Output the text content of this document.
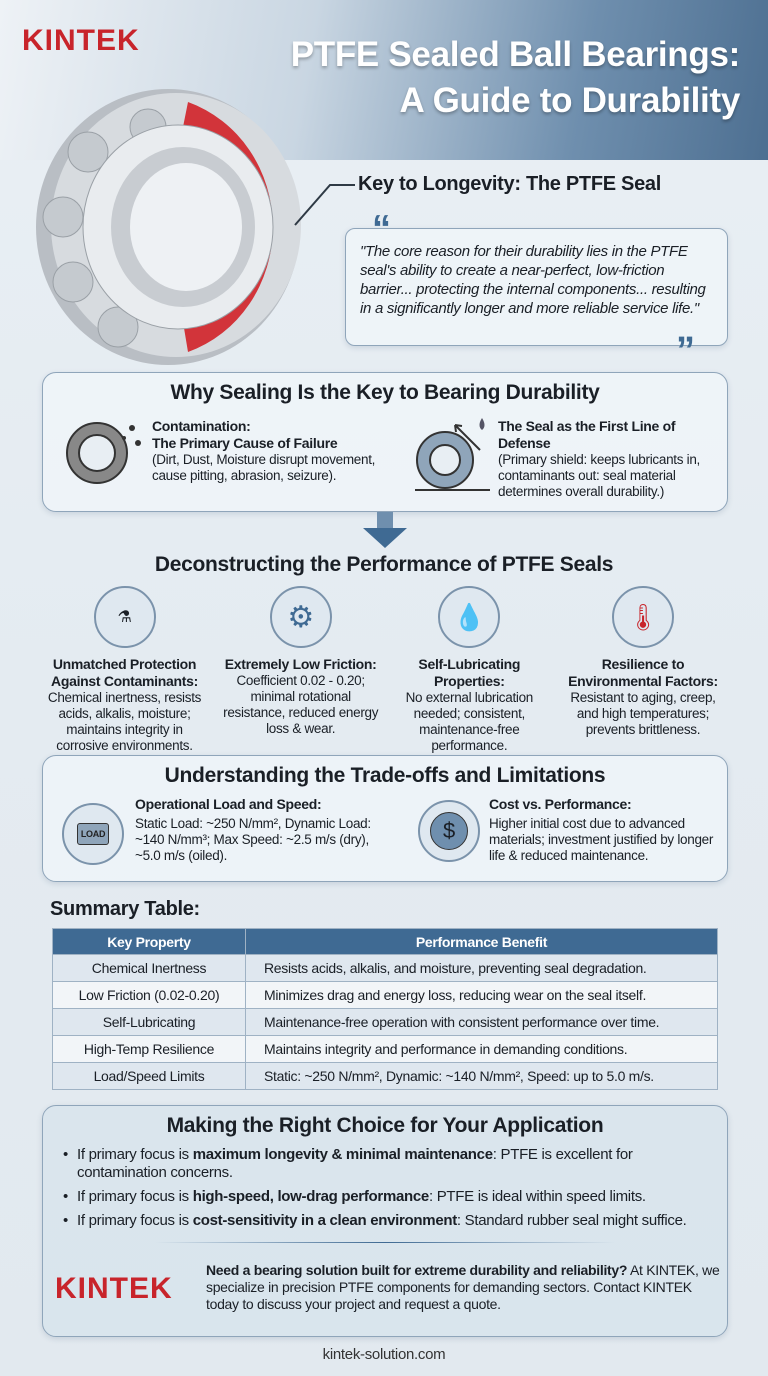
KINTEK	PTFE Sealed Ball Bearings:
A Guide to Durability
Key to Longevity: The PTFE Seal
“
”
"The core reason for their durability lies in the PTFE seal's ability to create a near-perfect, low-friction barrier... protecting the internal components... resulting in a significantly longer and more reliable service life."
Why Sealing Is the Key to Bearing Durability
Contamination:
The Primary Cause of Failure
(Dirt, Dust, Moisture disrupt movement, cause pitting, abrasion, seizure).
The Seal as the First Line of Defense
(Primary shield: keeps lubricants in, contaminants out: seal material determines overall durability.)
Deconstructing the Performance of PTFE Seals
⚗
Unmatched Protection Against Contaminants:
Chemical inertness, resists acids, alkalis, moisture; maintains integrity in corrosive environments.
⚙
Extremely Low Friction:
Coefficient 0.02 - 0.20; minimal rotational resistance, reduced energy loss & wear.
💧
Self-Lubricating Properties:
No external lubrication needed; consistent, maintenance-free performance.
🌡
Resilience to Environmental Factors:
Resistant to aging, creep, and high temperatures; prevents brittleness.
Understanding the Trade-offs and Limitations
LOAD
Operational Load and Speed:
Static Load: ~250 N/mm², Dynamic Load: ~140 N/mm³; Max Speed: ~2.5 m/s (dry), ~5.0 m/s (oiled).
$
Cost vs. Performance:
Higher initial cost due to advanced materials; investment justified by longer life & reduced maintenance.
Summary Table:
Key Property	Performance Benefit
Chemical Inertness	Resists acids, alkalis, and moisture, preventing seal degradation.
Low Friction (0.02-0.20)	Minimizes drag and energy loss, reducing wear on the seal itself.
Self-Lubricating	Maintenance-free operation with consistent performance over time.
High-Temp Resilience	Maintains integrity and performance in demanding conditions.
Load/Speed Limits	Static: ~250 N/mm², Dynamic: ~140 N/mm², Speed: up to 5.0 m/s.
Making the Right Choice for Your Application
• If primary focus is maximum longevity & minimal maintenance: PTFE is excellent for contamination concerns.
• If primary focus is high-speed, low-drag performance: PTFE is ideal within speed limits.
• If primary focus is cost-sensitivity in a clean environment: Standard rubber seal might suffice.
KINTEK
Need a bearing solution built for extreme durability and reliability? At KINTEK, we specialize in precision PTFE components for demanding sectors. Contact KINTEK today to discuss your project and request a quote.
kintek-solution.com
